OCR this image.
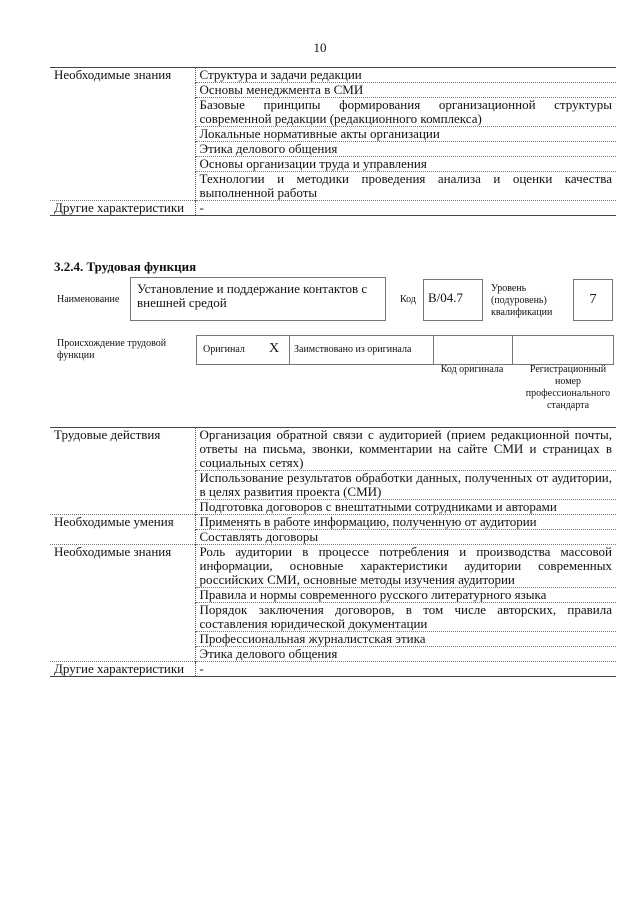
10
Необходимые знания	Структура и задачи редакции
	Основы менеджмента в СМИ
	Базовые принципы формирования организационной структуры современной редакции (редакционного комплекса)
	Локальные нормативные акты организации
	Этика делового общения
	Основы организации труда и управления
	Технологии и методики проведения анализа и оценки качества выполненной работы
Другие характеристики	-
3.2.4. Трудовая функция
Наименование
Установление и поддержание контактов с внешней средой	Код B/04.7
Уровень (подуровень) квалификации
7
Происхождение трудовой функции
Оригинал X Заимствовано из оригинала
Код оригинала	Регистрационный номер профессионального стандарта
Трудовые действия	Организация обратной связи с аудиторией (прием редакционной почты, ответы на письма, звонки, комментарии на сайте СМИ и страницах в социальных сетях)
	Использование результатов обработки данных, полученных от аудитории, в целях развития проекта (СМИ)
	Подготовка договоров с внештатными сотрудниками и авторами
Необходимые умения	Применять в работе информацию, полученную от аудитории
	Составлять договоры
Необходимые знания	Роль аудитории в процессе потребления и производства массовой информации, основные характеристики аудитории современных российских СМИ, основные методы изучения аудитории
	Правила и нормы современного русского литературного языка
	Порядок заключения договоров, в том числе авторских, правила составления юридической документации
	Профессиональная журналистская этика
	Этика делового общения
Другие характеристики	-
